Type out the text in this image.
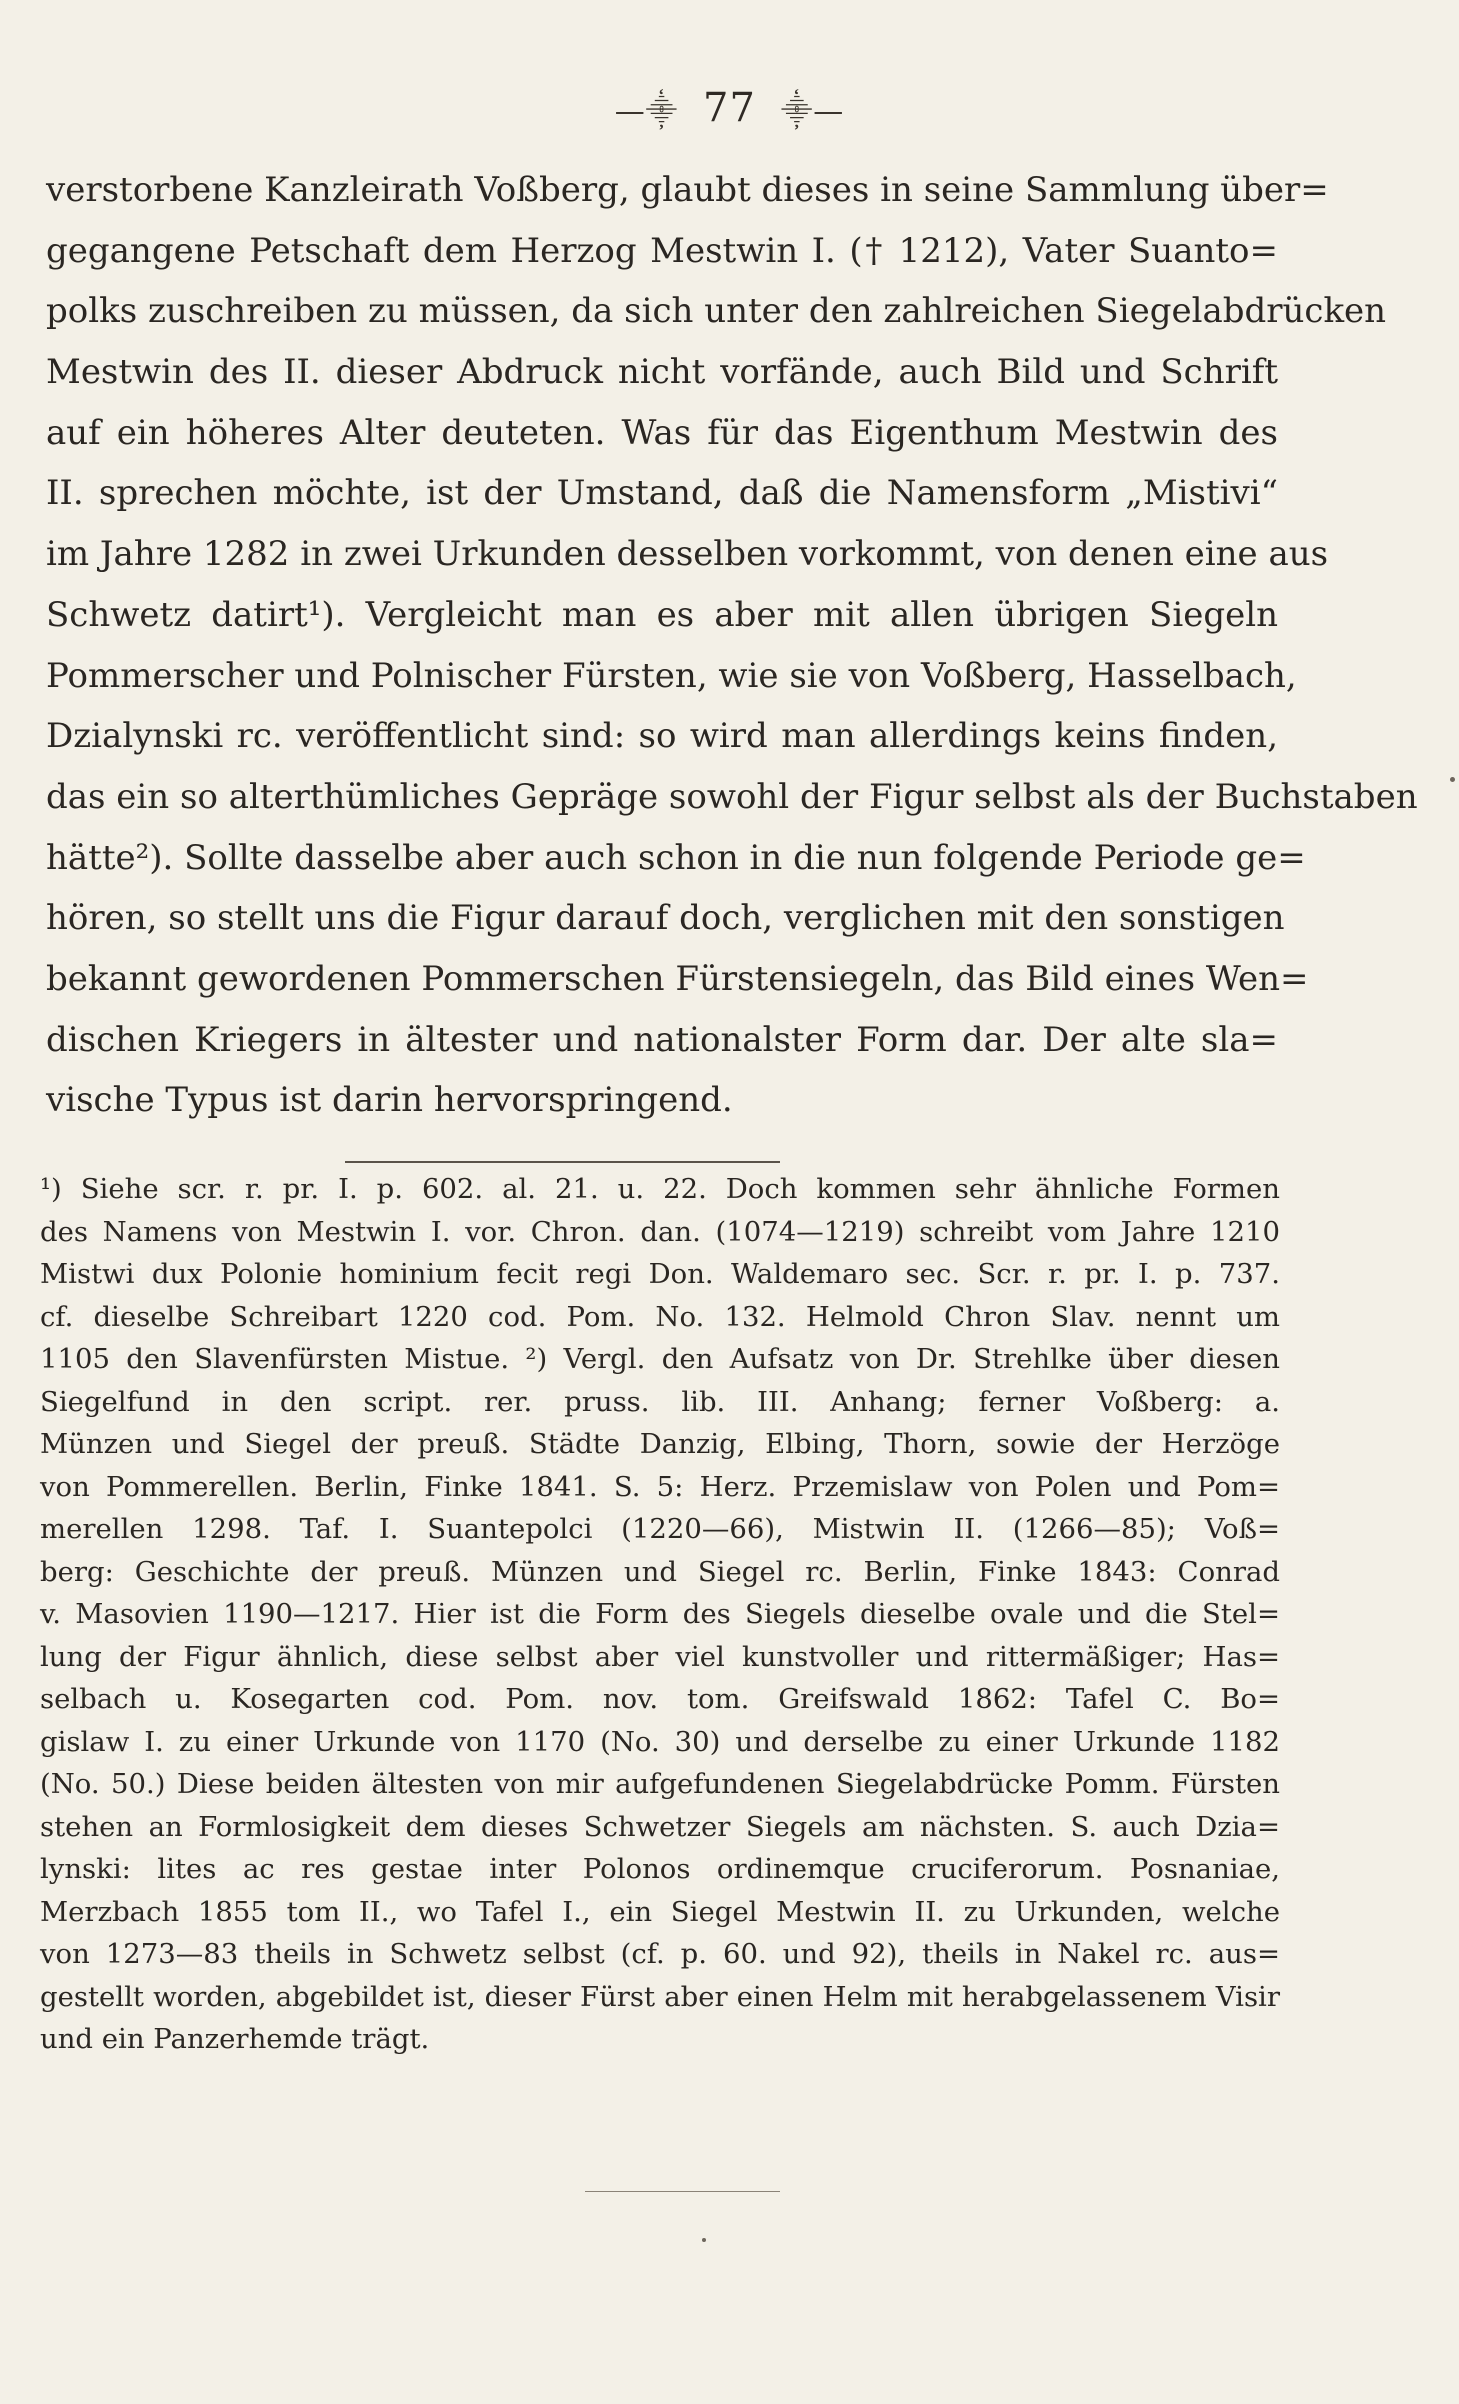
—⸎ 77 ⸎—
verstorbene Kanzleirath Voßberg, glaubt dieses in seine Sammlung über=
gegangene Petschaft dem Herzog Mestwin I. († 1212), Vater Suanto=
polks zuschreiben zu müssen, da sich unter den zahlreichen Siegelabdrücken
Mestwin des II. dieser Abdruck nicht vorfände, auch Bild und Schrift
auf ein höheres Alter deuteten. Was für das Eigenthum Mestwin des
II. sprechen möchte, ist der Umstand, daß die Namensform „Mistivi“
im Jahre 1282 in zwei Urkunden desselben vorkommt, von denen eine aus
Schwetz datirt¹). Vergleicht man es aber mit allen übrigen Siegeln
Pommerscher und Polnischer Fürsten, wie sie von Voßberg, Hasselbach,
Dzialynski rc. veröffentlicht sind: so wird man allerdings keins finden,
das ein so alterthümliches Gepräge sowohl der Figur selbst als der Buchstaben
hätte²). Sollte dasselbe aber auch schon in die nun folgende Periode ge=
hören, so stellt uns die Figur darauf doch, verglichen mit den sonstigen
bekannt gewordenen Pommerschen Fürstensiegeln, das Bild eines Wen=
dischen Kriegers in ältester und nationalster Form dar. Der alte sla=
vische Typus ist darin hervorspringend.
¹) Siehe scr. r. pr. I. p. 602. al. 21. u. 22. Doch kommen sehr ähnliche Formen
des Namens von Mestwin I. vor. Chron. dan. (1074—1219) schreibt vom Jahre 1210
Mistwi dux Polonie hominium fecit regi Don. Waldemaro sec. Scr. r. pr. I. p. 737.
cf. dieselbe Schreibart 1220 cod. Pom. No. 132. Helmold Chron Slav. nennt um
1105 den Slavenfürsten Mistue. ²) Vergl. den Aufsatz von Dr. Strehlke über diesen
Siegelfund in den script. rer. pruss. lib. III. Anhang; ferner Voßberg: a.
Münzen und Siegel der preuß. Städte Danzig, Elbing, Thorn, sowie der Herzöge
von Pommerellen. Berlin, Finke 1841. S. 5: Herz. Przemislaw von Polen und Pom=
merellen 1298. Taf. I. Suantepolci (1220—66), Mistwin II. (1266—85); Voß=
berg: Geschichte der preuß. Münzen und Siegel rc. Berlin, Finke 1843: Conrad
v. Masovien 1190—1217. Hier ist die Form des Siegels dieselbe ovale und die Stel=
lung der Figur ähnlich, diese selbst aber viel kunstvoller und rittermäßiger; Has=
selbach u. Kosegarten cod. Pom. nov. tom. Greifswald 1862: Tafel C. Bo=
gislaw I. zu einer Urkunde von 1170 (No. 30) und derselbe zu einer Urkunde 1182
(No. 50.) Diese beiden ältesten von mir aufgefundenen Siegelabdrücke Pomm. Fürsten
stehen an Formlosigkeit dem dieses Schwetzer Siegels am nächsten. S. auch Dzia=
lynski: lites ac res gestae inter Polonos ordinemque cruciferorum. Posnaniae,
Merzbach 1855 tom II., wo Tafel I., ein Siegel Mestwin II. zu Urkunden, welche
von 1273—83 theils in Schwetz selbst (cf. p. 60. und 92), theils in Nakel rc. aus=
gestellt worden, abgebildet ist, dieser Fürst aber einen Helm mit herabgelassenem Visir
und ein Panzerhemde trägt.
